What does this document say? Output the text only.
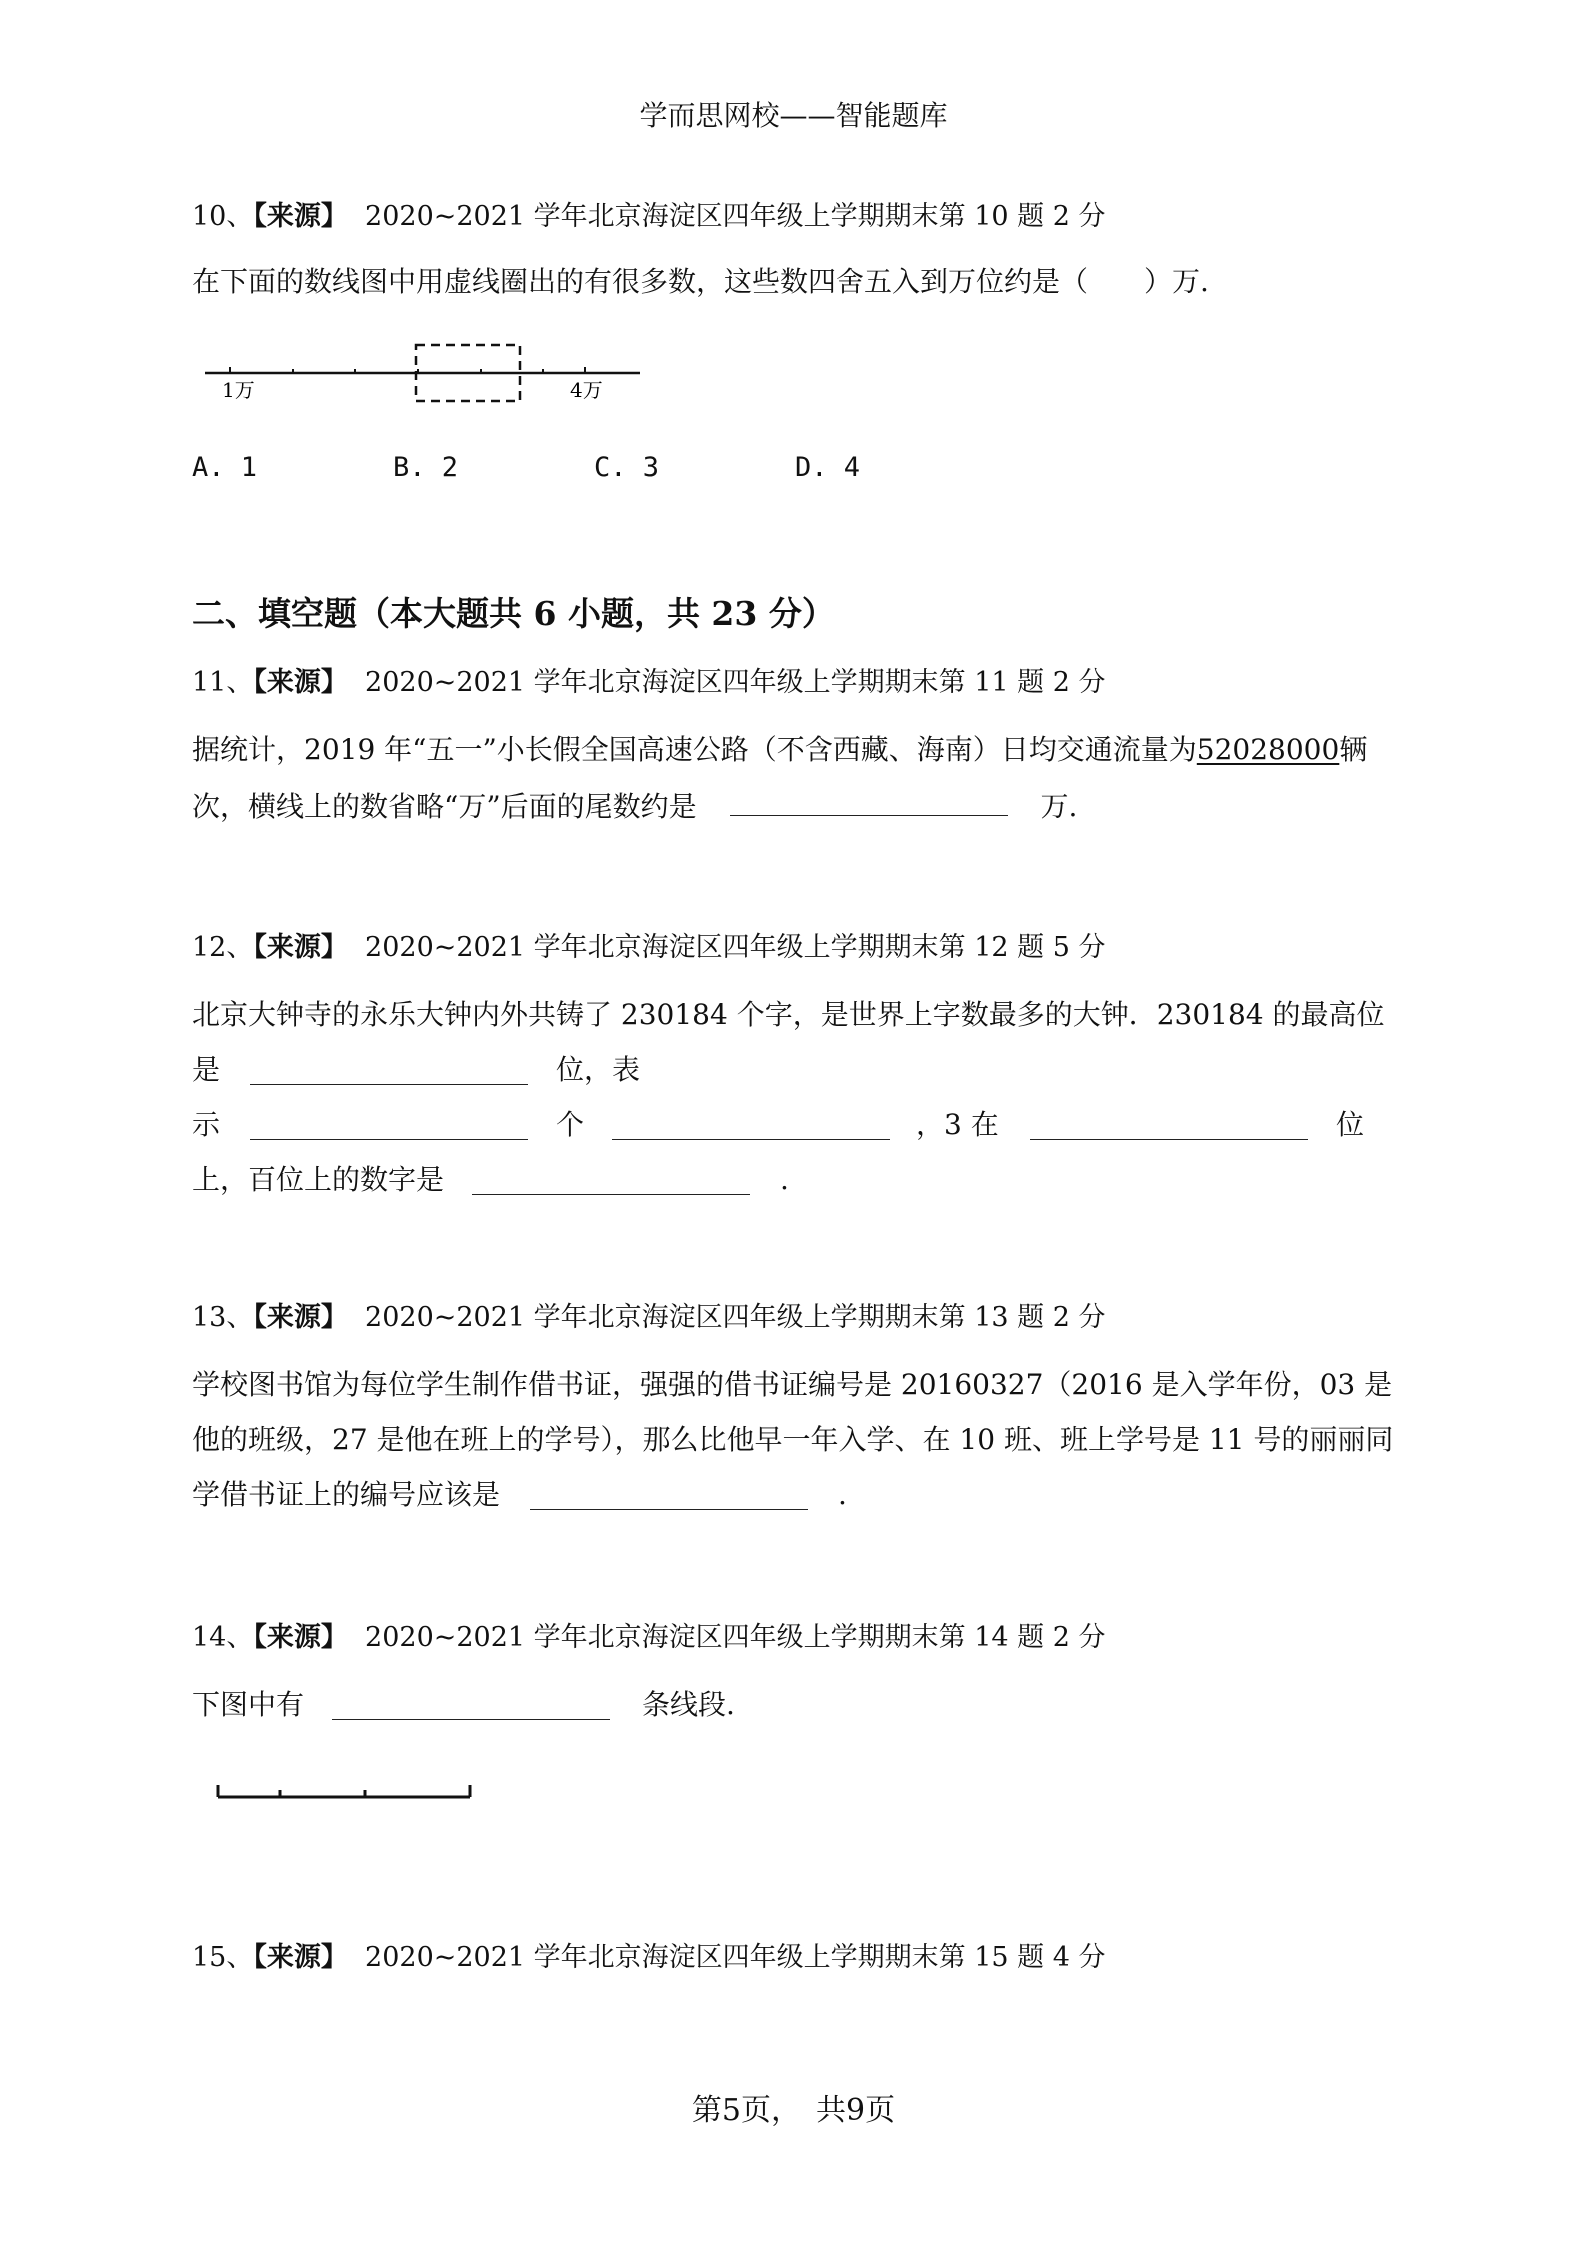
学而思网校——智能题库
10、【来源】 2020~2021 学年北京海淀区四年级上学期期末第 10 题 2 分
在下面的数线图中用虚线圈出的有很多数，这些数四舍五入到万位约是（　　）万.
1万	4万
A. 1	B. 2	C. 3	D. 4
二、填空题（本大题共 6 小题，共 23 分）
11、【来源】 2020~2021 学年北京海淀区四年级上学期期末第 11 题 2 分
据统计，2019 年“五一”小长假全国高速公路（不含西藏、海南）日均交通流量为52028000辆
次，横线上的数省略“万”后面的尾数约是	万.
12、【来源】 2020~2021 学年北京海淀区四年级上学期期末第 12 题 5 分
北京大钟寺的永乐大钟内外共铸了 230184 个字，是世界上字数最多的大钟．230184 的最高位
是	位，表
示	个	，3 在	位
上，百位上的数字是	.
13、【来源】 2020~2021 学年北京海淀区四年级上学期期末第 13 题 2 分
学校图书馆为每位学生制作借书证，强强的借书证编号是 20160327（2016 是入学年份，03 是
他的班级，27 是他在班上的学号），那么比他早一年入学、在 10 班、班上学号是 11 号的丽丽同
学借书证上的编号应该是	.
14、【来源】 2020~2021 学年北京海淀区四年级上学期期末第 14 题 2 分
下图中有	条线段.
15、【来源】 2020~2021 学年北京海淀区四年级上学期期末第 15 题 4 分
第5页，　共9页
